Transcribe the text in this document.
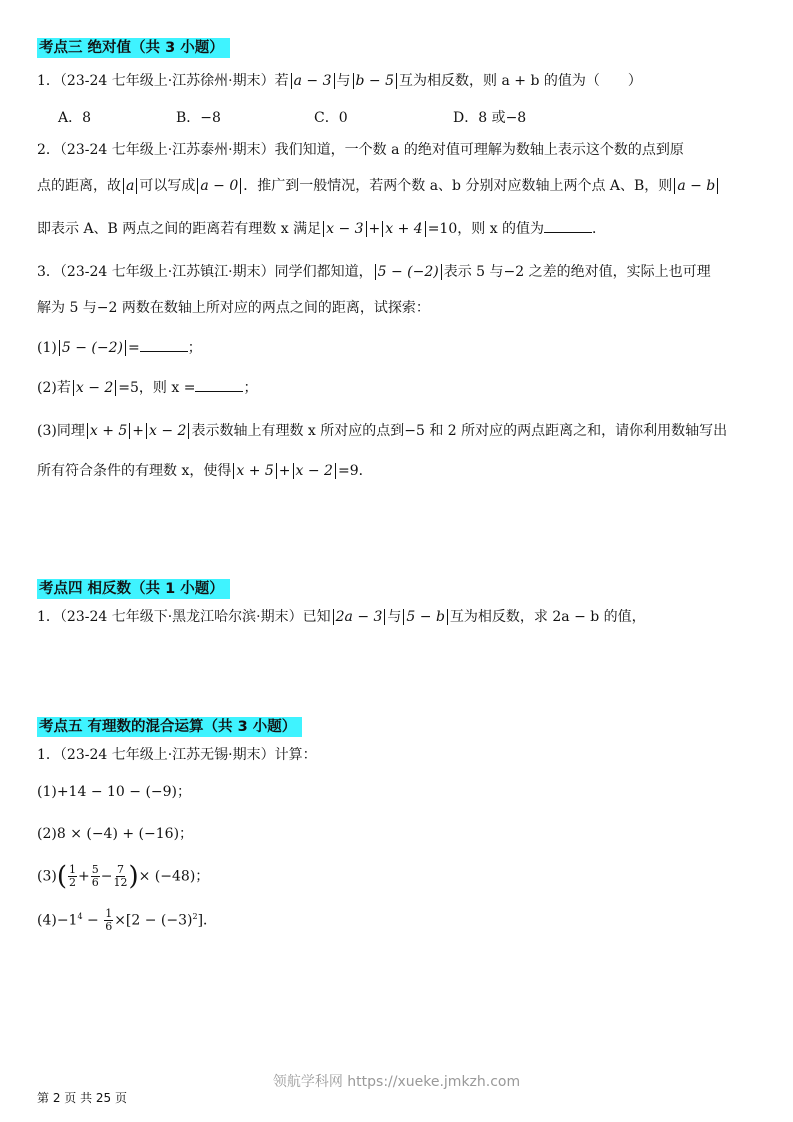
考点三 绝对值（共 3 小题）
1．（23-24 七年级上·江苏徐州·期末）若 a − 3 与 b − 5 互为相反数，则 a + b 的值为（　　）
A．8	B．−8	C．0	D．8 或−8
2．（23-24 七年级上·江苏泰州·期末）我们知道，一个数 a 的绝对值可理解为数轴上表示这个数的点到原
点的距离，故 a 可以写成 a − 0 ．推广到一般情况，若两个数 a、b 分别对应数轴上两个点 A、B，则 a − b
即表示 A、B 两点之间的距离若有理数 x 满足 x − 3 + x + 4 =10，则 x 的值为	．
3．（23-24 七年级上·江苏镇江·期末）同学们都知道， 5 − (−2) 表示 5 与−2 之差的绝对值，实际上也可理
解为 5 与−2 两数在数轴上所对应的两点之间的距离，试探索：
(1) 5 − (−2) =	；
(2)若 x − 2 =5，则 x =	；
(3)同理 x + 5 + x − 2 表示数轴上有理数 x 所对应的点到−5 和 2 所对应的两点距离之和，请你利用数轴写出
所有符合条件的有理数 x，使得 x + 5 + x − 2 =9．
考点四 相反数（共 1 小题）
1．（23-24 七年级下·黑龙江哈尔滨·期末）已知 2a − 3 与 5 − b 互为相反数，求 2a − b 的值，
考点五 有理数的混合运算（共 3 小题）
1．（23-24 七年级上·江苏无锡·期末）计算：
(1)+14 − 10 − (−9)；
(2)8 × (−4) + (−16)；
$(3)( \frac{1}{2} + \frac{5}{6} - \frac{7}{12}$ )× (−48)；
$(4)-1^4 - \frac{1}{6} \times[2 - (-3)^2]$．
领航学科网 https://xueke.jmkzh.com
第 2 页 共 25 页
